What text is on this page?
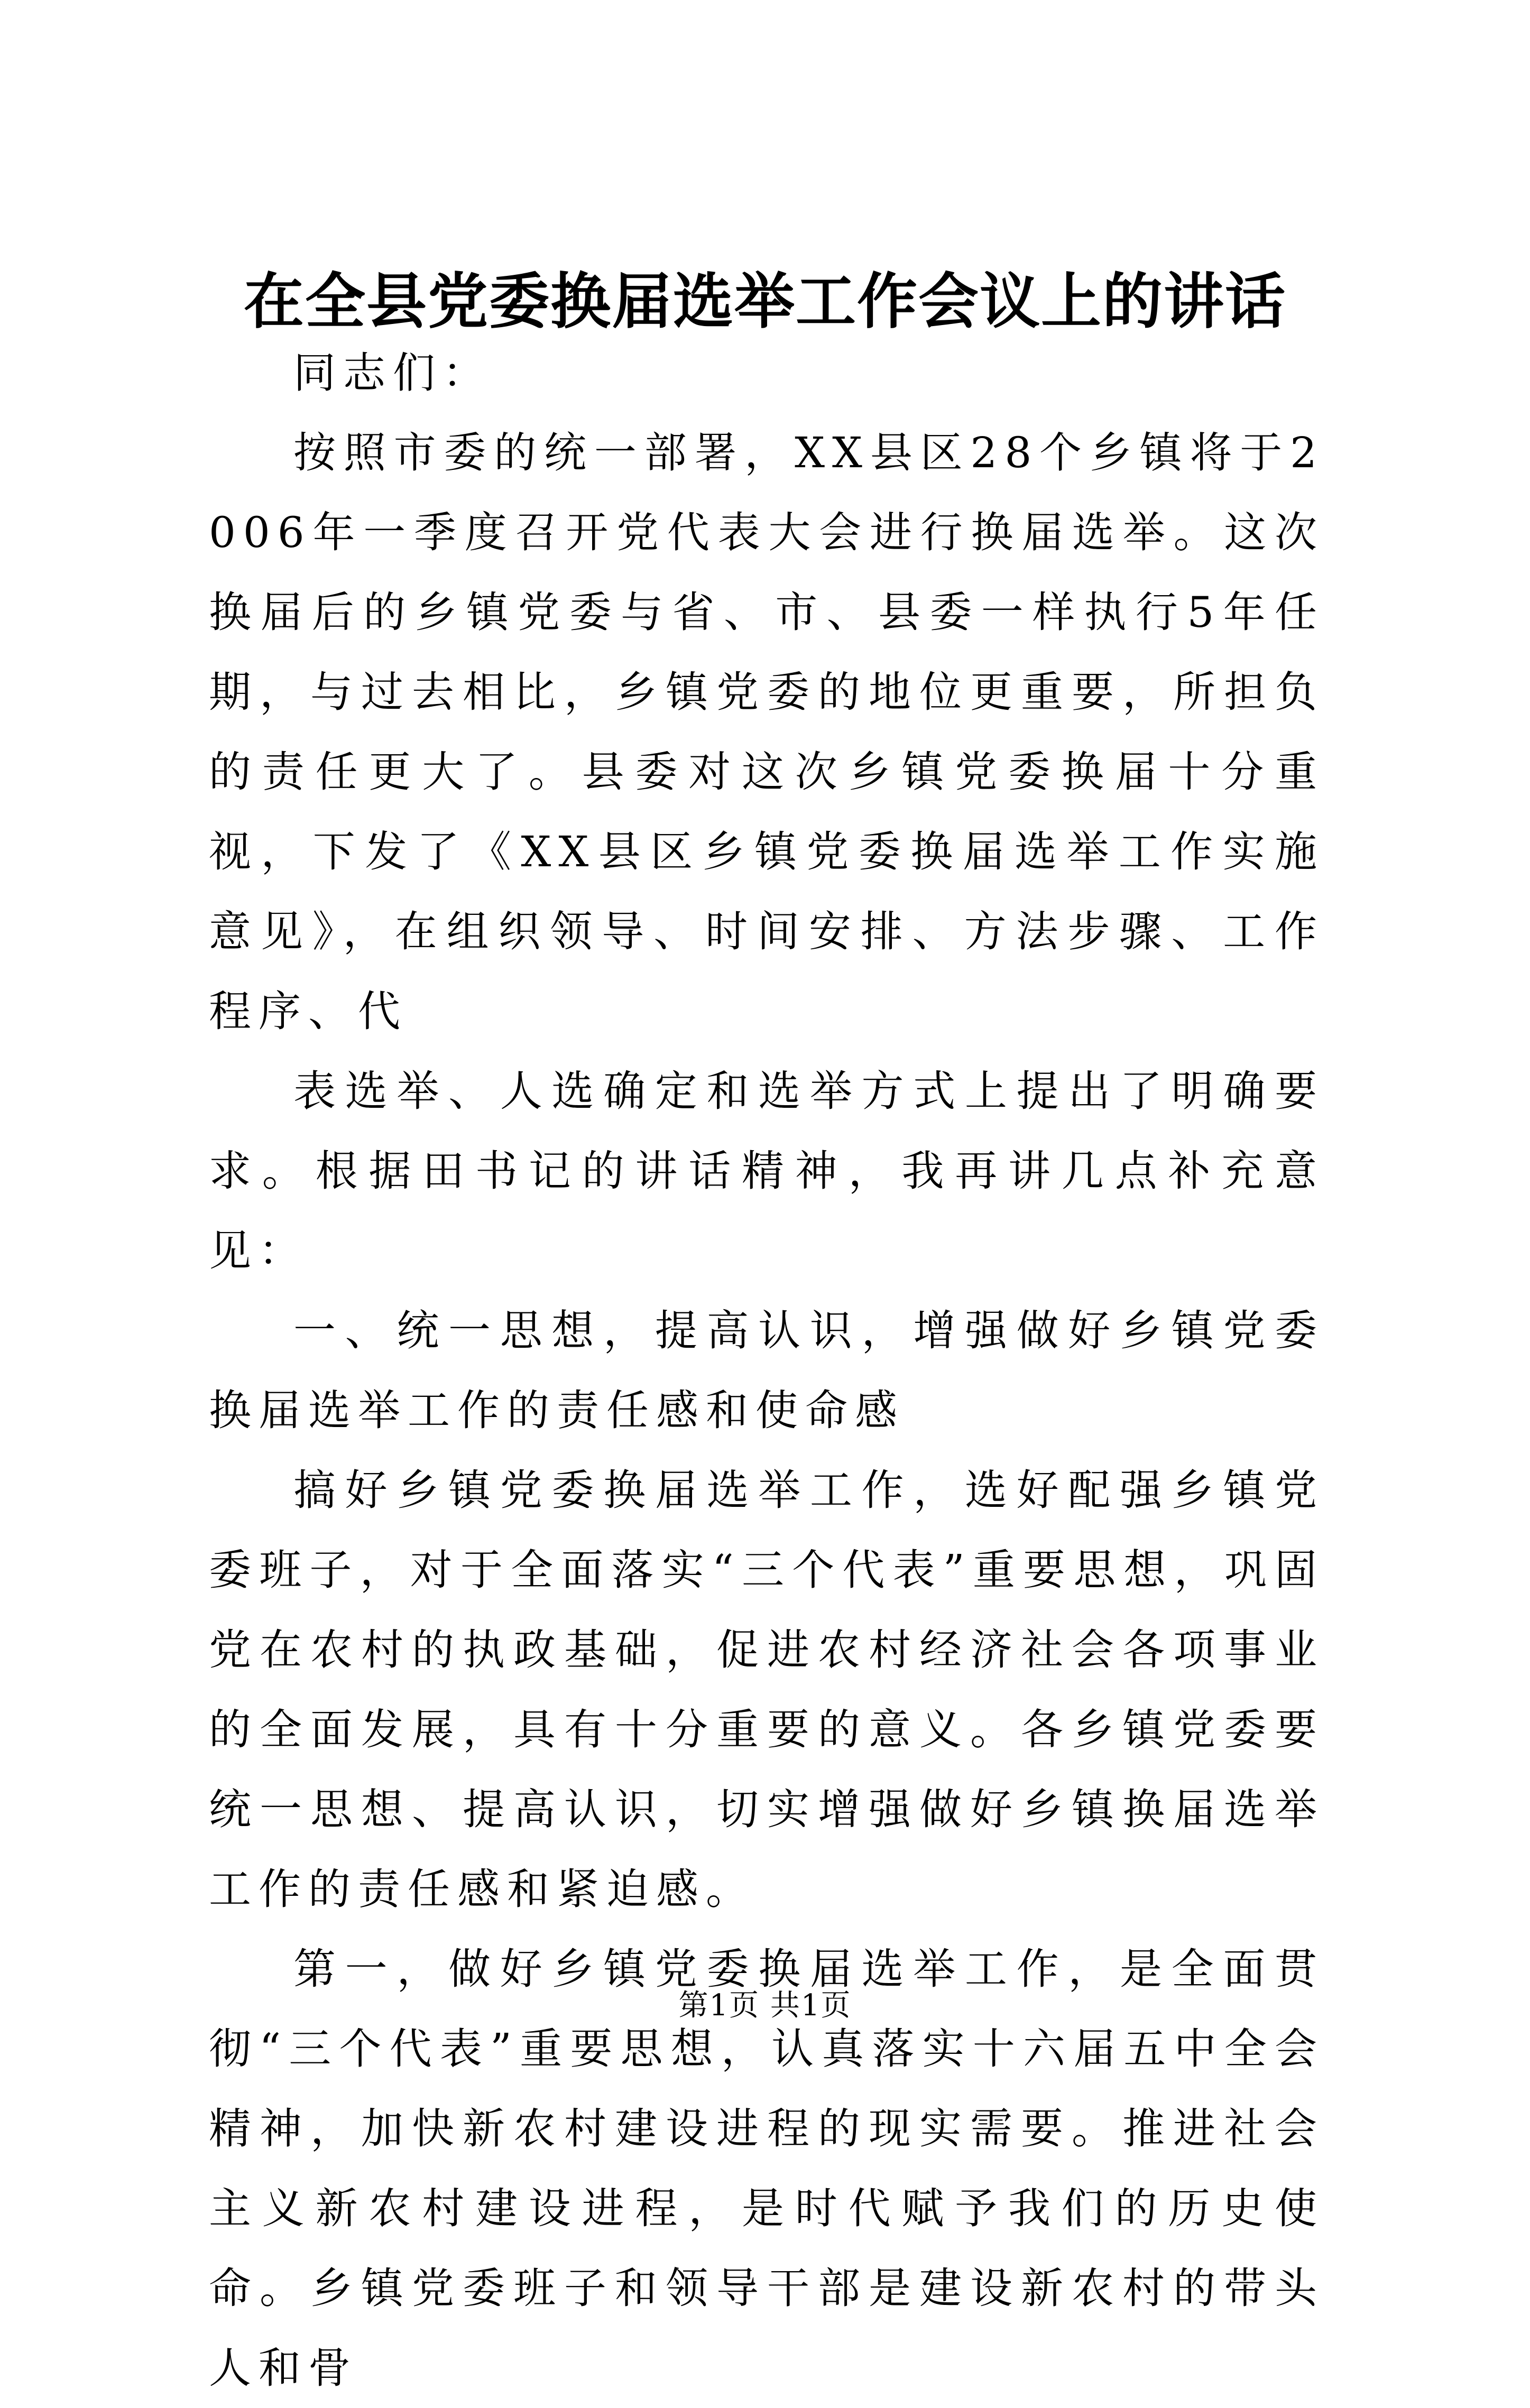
在全县党委换届选举工作会议上的讲话

同志们：

按照市委的统一部署，XX县区28个乡镇将于2006年一季度召开党代表大会进行换届选举。这次换届后的乡镇党委与省、市、县委一样执行5年任期，与过去相比，乡镇党委的地位更重要，所担负的责任更大了。县委对这次乡镇党委换届十分重视，下发了《XX县区乡镇党委换届选举工作实施意见》，在组织领导、时间安排、方法步骤、工作程序、代

表选举、人选确定和选举方式上提出了明确要求。根据田书记的讲话精神，我再讲几点补充意见：

一、统一思想，提高认识，增强做好乡镇党委换届选举工作的责任感和使命感

搞好乡镇党委换届选举工作，选好配强乡镇党委班子，对于全面落实“三个代表”重要思想，巩固党在农村的执政基础，促进农村经济社会各项事业的全面发展，具有十分重要的意义。各乡镇党委要统一思想、提高认识，切实增强做好乡镇换届选举工作的责任感和紧迫感。

第一，做好乡镇党委换届选举工作，是全面贯彻“三个代表”重要思想，认真落实十六届五中全会精神，加快新农村建设进程的现实需要。推进社会主义新农村建设进程，是时代赋予我们的历史使命。乡镇党委班子和领导干部是建设新农村的带头人和骨

第1页 共1页
